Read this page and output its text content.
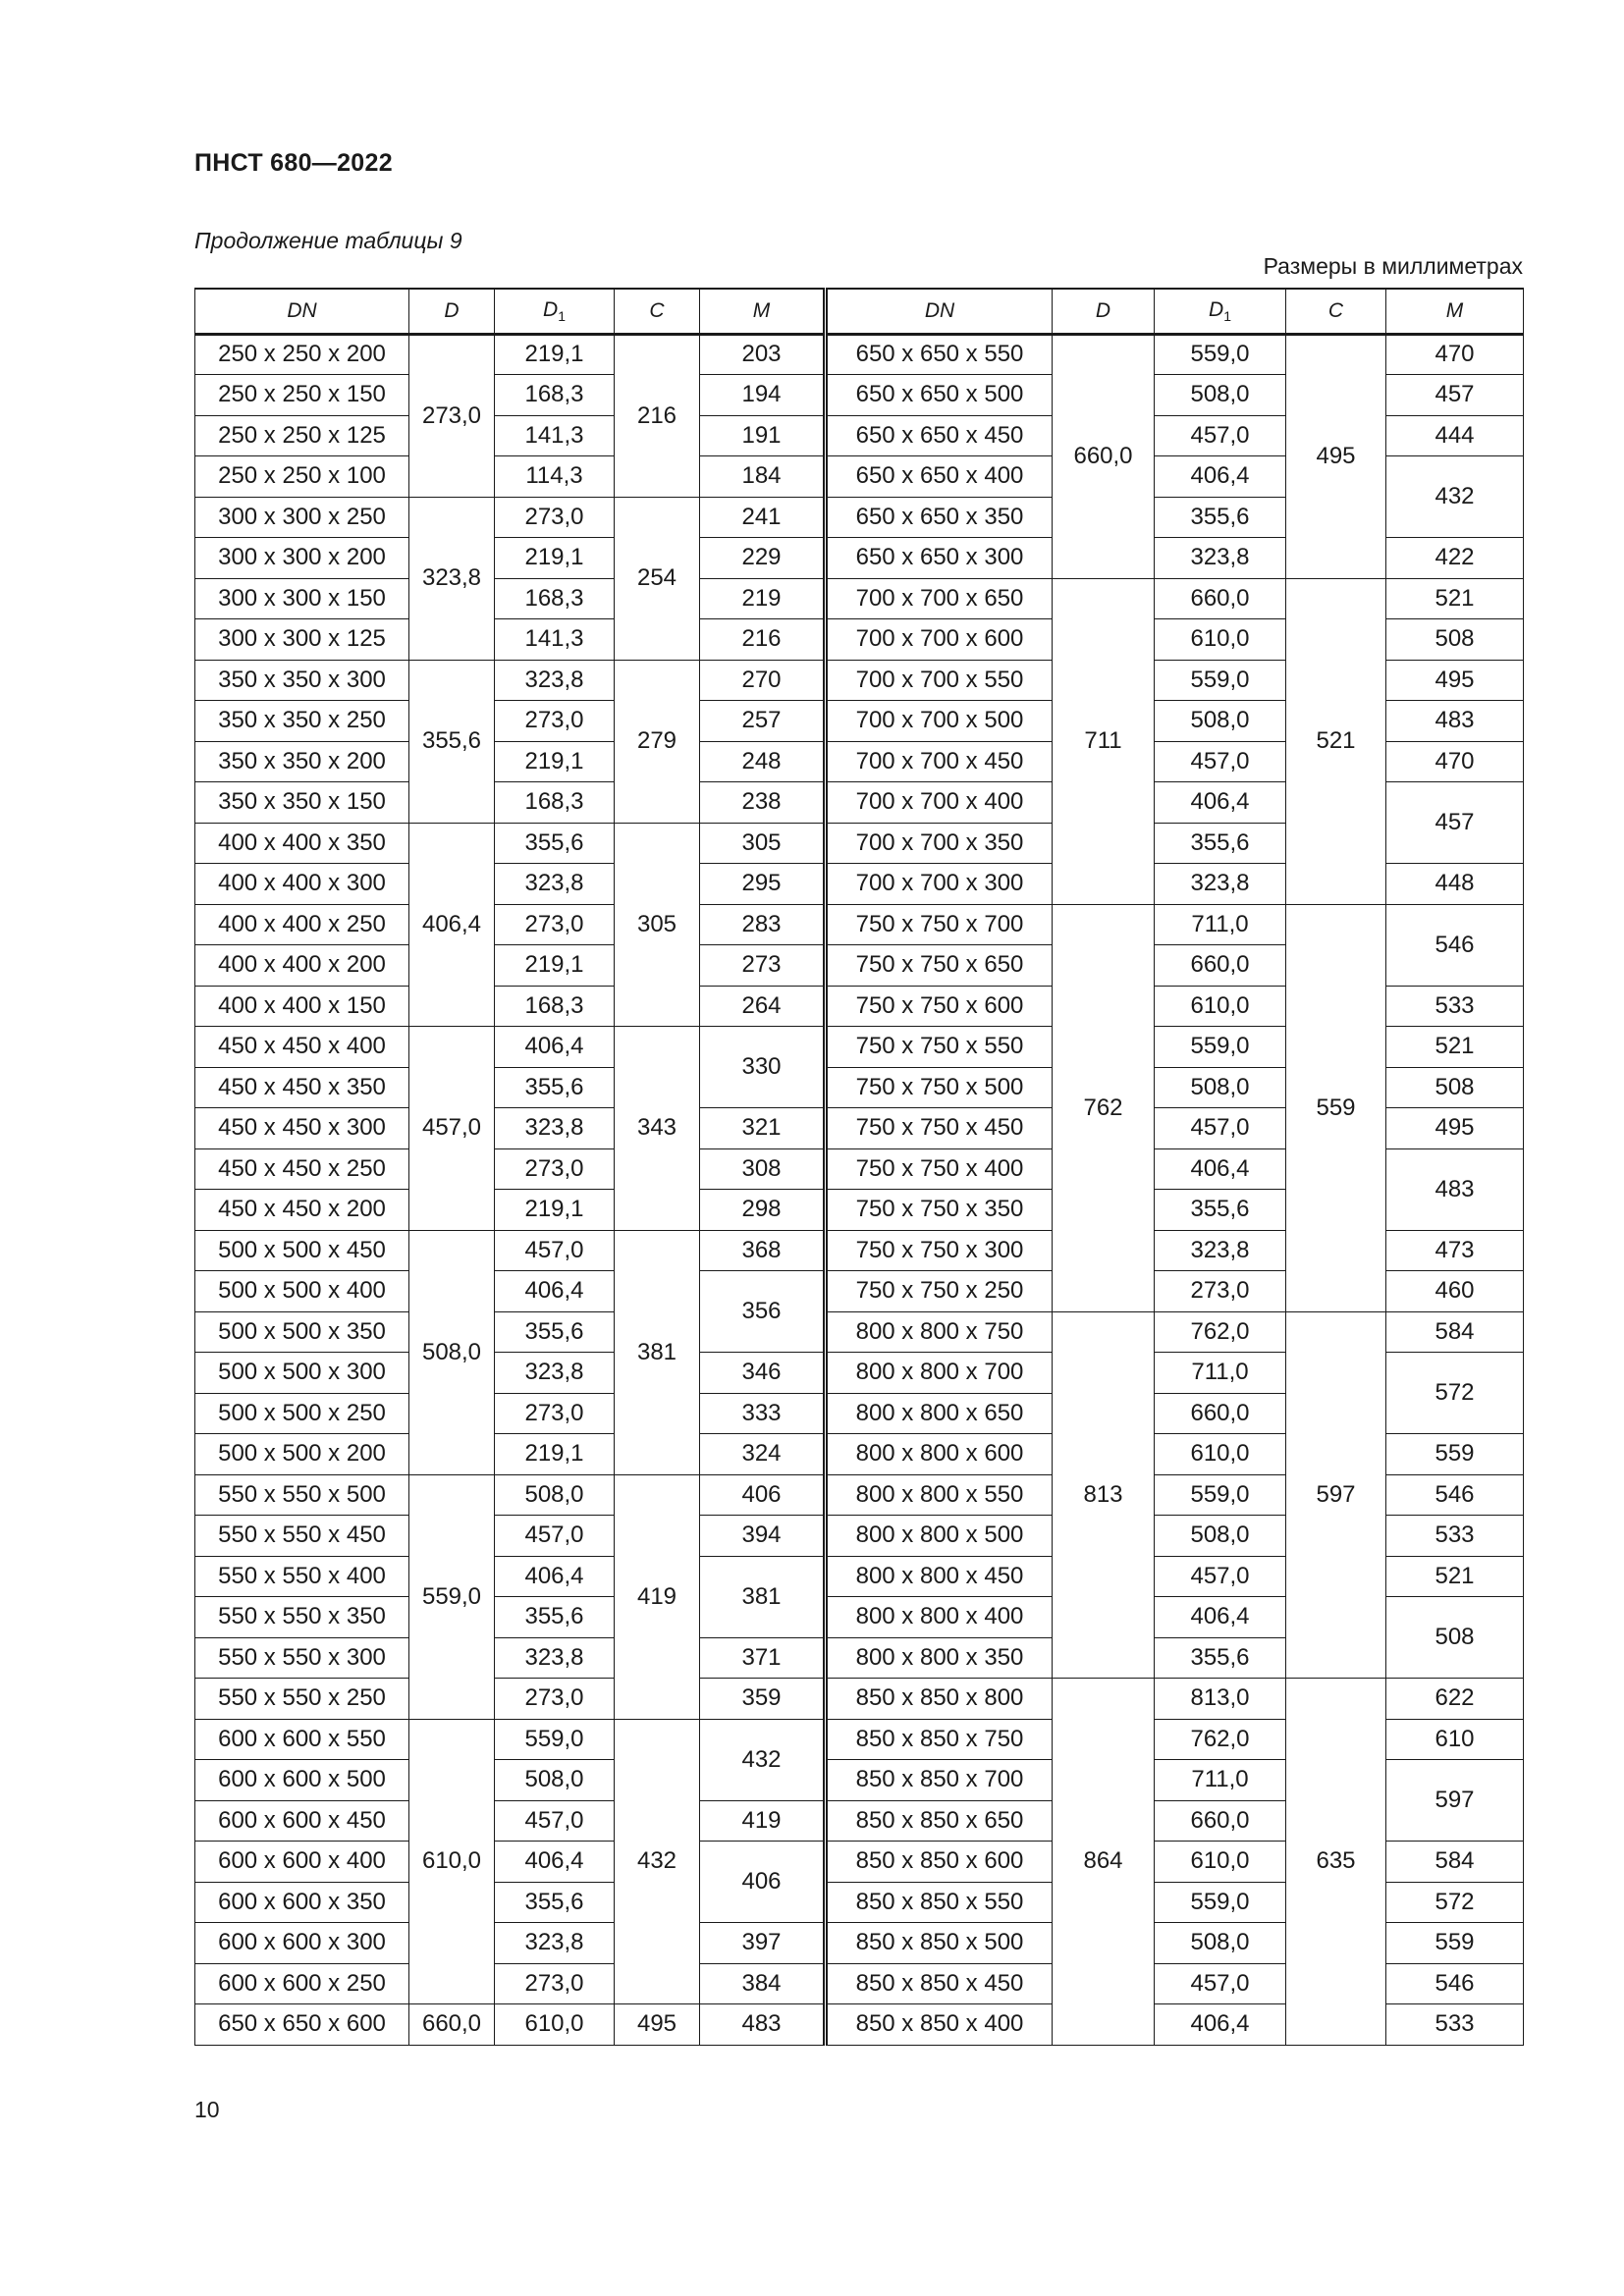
ПНСТ 680—2022
Продолжение таблицы 9
Размеры в миллиметрах
DN	D	$D_1$	C	M	DN	D	$D_1$	C	M
250 x 250 x 200	273,0	219,1	216	203	650 x 650 x 550	660,0	559,0	495	470
250 x 250 x 150		168,3		194	650 x 650 x 500		508,0		457
250 x 250 x 125		141,3		191	650 x 650 x 450		457,0		444
250 x 250 x 100		114,3		184	650 x 650 x 400		406,4		432
300 x 300 x 250	323,8	273,0	254	241	650 x 650 x 350		355,6		
300 x 300 x 200		219,1		229	650 x 650 x 300		323,8		422
300 x 300 x 150		168,3		219	700 x 700 x 650	711	660,0	521	521
300 x 300 x 125		141,3		216	700 x 700 x 600		610,0		508
350 x 350 x 300	355,6	323,8	279	270	700 x 700 x 550		559,0		495
350 x 350 x 250		273,0		257	700 x 700 x 500		508,0		483
350 x 350 x 200		219,1		248	700 x 700 x 450		457,0		470
350 x 350 x 150		168,3		238	700 x 700 x 400		406,4		457
400 x 400 x 350	406,4	355,6	305	305	700 x 700 x 350		355,6		
400 x 400 x 300		323,8		295	700 x 700 x 300		323,8		448
400 x 400 x 250		273,0		283	750 x 750 x 700	762	711,0	559	546
400 x 400 x 200		219,1		273	750 x 750 x 650		660,0		
400 x 400 x 150		168,3		264	750 x 750 x 600		610,0		533
450 x 450 x 400	457,0	406,4	343	330	750 x 750 x 550		559,0		521
450 x 450 x 350		355,6			750 x 750 x 500		508,0		508
450 x 450 x 300		323,8		321	750 x 750 x 450		457,0		495
450 x 450 x 250		273,0		308	750 x 750 x 400		406,4		483
450 x 450 x 200		219,1		298	750 x 750 x 350		355,6		
500 x 500 x 450	508,0	457,0	381	368	750 x 750 x 300		323,8		473
500 x 500 x 400		406,4		356	750 x 750 x 250		273,0		460
500 x 500 x 350		355,6			800 x 800 x 750	813	762,0	597	584
500 x 500 x 300		323,8		346	800 x 800 x 700		711,0		572
500 x 500 x 250		273,0		333	800 x 800 x 650		660,0		
500 x 500 x 200		219,1		324	800 x 800 x 600		610,0		559
550 x 550 x 500	559,0	508,0	419	406	800 x 800 x 550		559,0		546
550 x 550 x 450		457,0		394	800 x 800 x 500		508,0		533
550 x 550 x 400		406,4		381	800 x 800 x 450		457,0		521
550 x 550 x 350		355,6			800 x 800 x 400		406,4		508
550 x 550 x 300		323,8		371	800 x 800 x 350		355,6		
550 x 550 x 250		273,0		359	850 x 850 x 800	864	813,0	635	622
600 x 600 x 550	610,0	559,0	432	432	850 x 850 x 750		762,0		610
600 x 600 x 500		508,0			850 x 850 x 700		711,0		597
600 x 600 x 450		457,0		419	850 x 850 x 650		660,0		
600 x 600 x 400		406,4		406	850 x 850 x 600		610,0		584
600 x 600 x 350		355,6			850 x 850 x 550		559,0		572
600 x 600 x 300		323,8		397	850 x 850 x 500		508,0		559
600 x 600 x 250		273,0		384	850 x 850 x 450		457,0		546
650 x 650 x 600	660,0	610,0	495	483	850 x 850 x 400		406,4		533
10
